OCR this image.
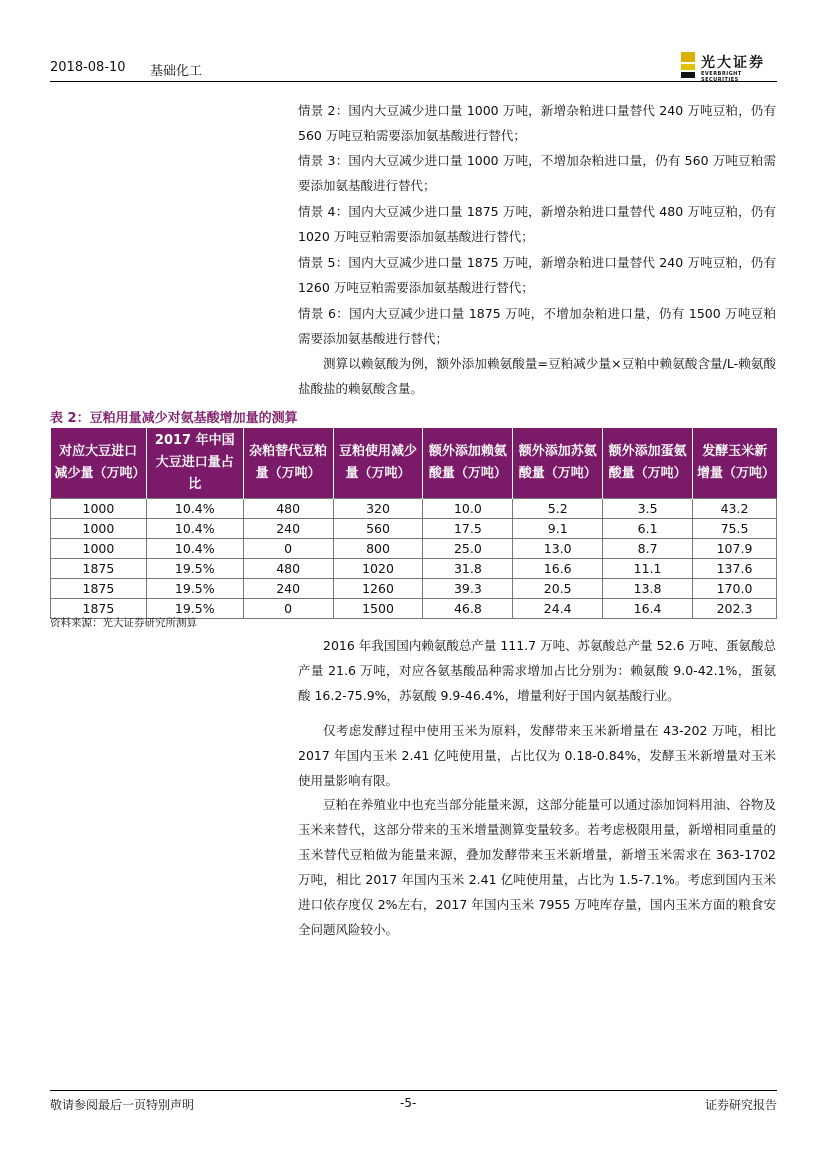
2018-08-10 基础化工
光大证券
EVERBRIGHT SECURITIES

情景 2：国内大豆减少进口量 1000 万吨，新增杂粕进口量替代 240 万吨豆粕，仍有 560 万吨豆粕需要添加氨基酸进行替代；

情景 3：国内大豆减少进口量 1000 万吨，不增加杂粕进口量，仍有 560 万吨豆粕需要添加氨基酸进行替代；

情景 4：国内大豆减少进口量 1875 万吨，新增杂粕进口量替代 480 万吨豆粕，仍有 1020 万吨豆粕需要添加氨基酸进行替代；

情景 5：国内大豆减少进口量 1875 万吨，新增杂粕进口量替代 240 万吨豆粕，仍有 1260 万吨豆粕需要添加氨基酸进行替代；

情景 6：国内大豆减少进口量 1875 万吨，不增加杂粕进口量，仍有 1500 万吨豆粕需要添加氨基酸进行替代；

测算以赖氨酸为例，额外添加赖氨酸量=豆粕减少量×豆粕中赖氨酸含量/L-赖氨酸盐酸盐的赖氨酸含量。

表 2：豆粕用量减少对氨基酸增加量的测算
对应大豆进口减少量（万吨）	2017 年中国大豆进口量占比	杂粕替代豆粕量（万吨）	豆粕使用减少量（万吨）	额外添加赖氨酸量（万吨）	额外添加苏氨酸量（万吨）	额外添加蛋氨酸量（万吨）	发酵玉米新增量（万吨）
1000	10.4%	480	320	10.0	5.2	3.5	43.2
1000	10.4%	240	560	17.5	9.1	6.1	75.5
1000	10.4%	0	800	25.0	13.0	8.7	107.9
1875	19.5%	480	1020	31.8	16.6	11.1	137.6
1875	19.5%	240	1260	39.3	20.5	13.8	170.0
1875	19.5%	0	1500	46.8	24.4	16.4	202.3
资料来源：光大证券研究所测算

2016 年我国国内赖氨酸总产量 111.7 万吨、苏氨酸总产量 52.6 万吨、蛋氨酸总产量 21.6 万吨，对应各氨基酸品种需求增加占比分别为：赖氨酸 9.0-42.1%，蛋氨酸 16.2-75.9%，苏氨酸 9.9-46.4%，增量利好于国内氨基酸行业。

仅考虑发酵过程中使用玉米为原料，发酵带来玉米新增量在 43-202 万吨，相比 2017 年国内玉米 2.41 亿吨使用量，占比仅为 0.18-0.84%，发酵玉米新增量对玉米使用量影响有限。

豆粕在养殖业中也充当部分能量来源，这部分能量可以通过添加饲料用油、谷物及玉米来替代，这部分带来的玉米增量测算变量较多。若考虑极限用量，新增相同重量的玉米替代豆粕做为能量来源，叠加发酵带来玉米新增量，新增玉米需求在 363-1702 万吨，相比 2017 年国内玉米 2.41 亿吨使用量，占比为 1.5-7.1%。考虑到国内玉米进口依存度仅 2%左右，2017 年国内玉米 7955 万吨库存量，国内玉米方面的粮食安全问题风险较小。

敬请参阅最后一页特别声明	-5-	证券研究报告
